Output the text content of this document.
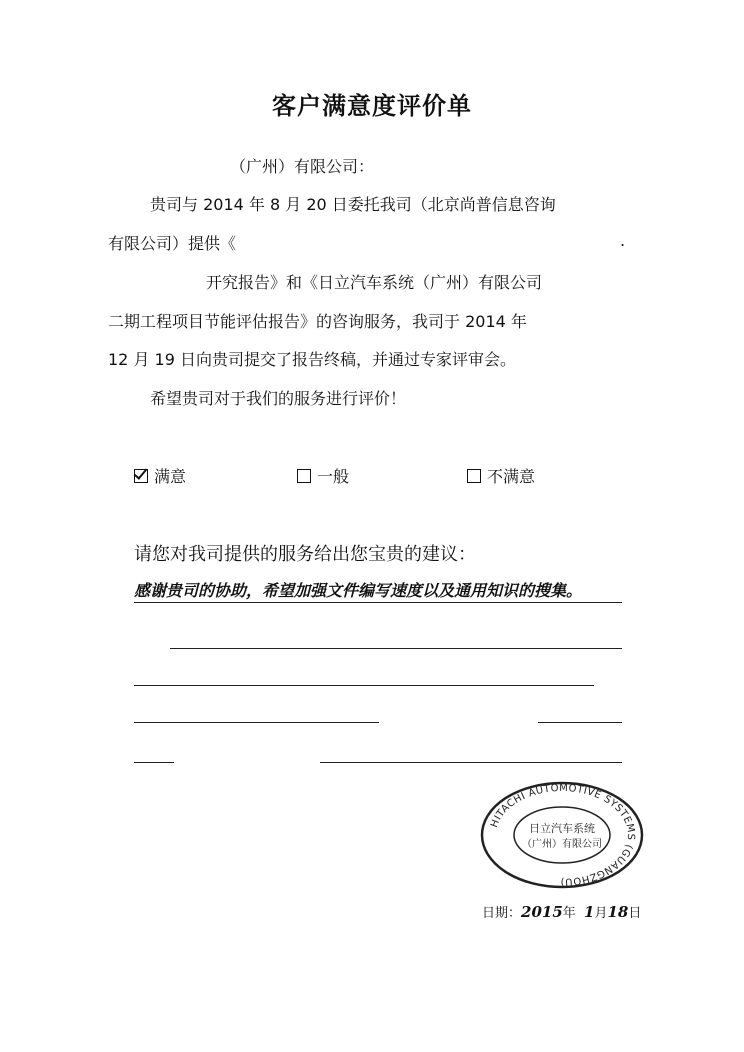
客户满意度评价单
（广州）有限公司：
贵司与 2014 年 8 月 20 日委托我司（北京尚普信息咨询
有限公司）提供《	.
开究报告》和《日立汽车系统（广州）有限公司
二期工程项目节能评估报告》的咨询服务，我司于 2014 年
12 月 19 日向贵司提交了报告终稿，并通过专家评审会。
希望贵司对于我们的服务进行评价！
满意	一般	不满意
请您对我司提供的服务给出您宝贵的建议：
感谢贵司的协助，希望加强文件编写速度以及通用知识的搜集。
HITACHI AUTOMOTIVE SYSTEMS (GUANGZHOU)
日立汽车系统
（广州）有限公司
日期：2015年 1月18日
